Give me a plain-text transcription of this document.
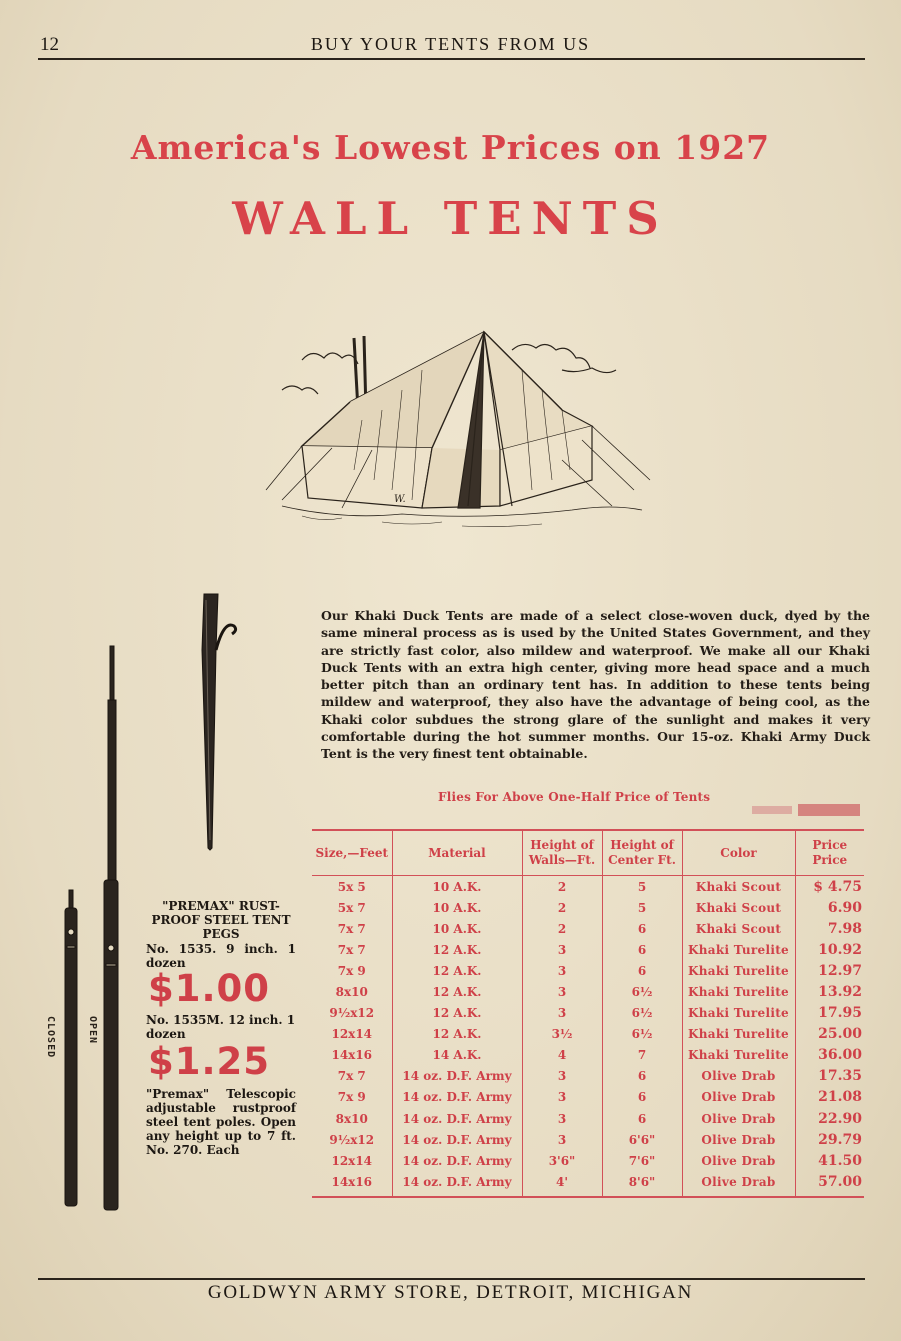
12	BUY YOUR TENTS FROM US
America's Lowest Prices on 1927
WALL TENTS
W.
Our Khaki Duck Tents are made of a select close-woven duck, dyed by the same mineral process as is used by the United States Government, and they are strictly fast color, also mildew and waterproof. We make all our Khaki Duck Tents with an extra high center, giving more head space and a much better pitch than an ordinary tent has. In addition to these tents being mildew and waterproof, they also have the advantage of being cool, as the Khaki color subdues the strong glare of the sunlight and makes it very comfortable during the hot summer months. Our 15-oz. Khaki Army Duck Tent is the very finest tent obtainable.
Flies For Above One-Half Price of Tents
Size,—Feet	Material	Height of Walls—Ft.	Height of Center Ft.	Color	Price Price
5x 5	10 A.K.	2	5	Khaki Scout	$ 4.75
5x 7	10 A.K.	2	5	Khaki Scout	6.90
7x 7	10 A.K.	2	6	Khaki Scout	7.98
7x 7	12 A.K.	3	6	Khaki Turelite	10.92
7x 9	12 A.K.	3	6	Khaki Turelite	12.97
8x10	12 A.K.	3	6½	Khaki Turelite	13.92
9½x12	12 A.K.	3	6½	Khaki Turelite	17.95
12x14	12 A.K.	3½	6½	Khaki Turelite	25.00
14x16	14 A.K.	4	7	Khaki Turelite	36.00
7x 7	14 oz. D.F. Army	3	6	Olive Drab	17.35
7x 9	14 oz. D.F. Army	3	6	Olive Drab	21.08
8x10	14 oz. D.F. Army	3	6	Olive Drab	22.90
9½x12	14 oz. D.F. Army	3	6'6"	Olive Drab	29.79
12x14	14 oz. D.F. Army	3'6"	7'6"	Olive Drab	41.50
14x16	14 oz. D.F. Army	4'	8'6"	Olive Drab	57.00
CLOSED	OPEN
"PREMAX" RUST-PROOF STEEL TENT PEGS
No. 1535. 9 inch. 1 dozen
$1.00
No. 1535M. 12 inch. 1 dozen
$1.25
"Premax" Telescopic adjustable rustproof steel tent poles. Open any height up to 7 ft. No. 270. Each
GOLDWYN ARMY STORE, DETROIT, MICHIGAN
